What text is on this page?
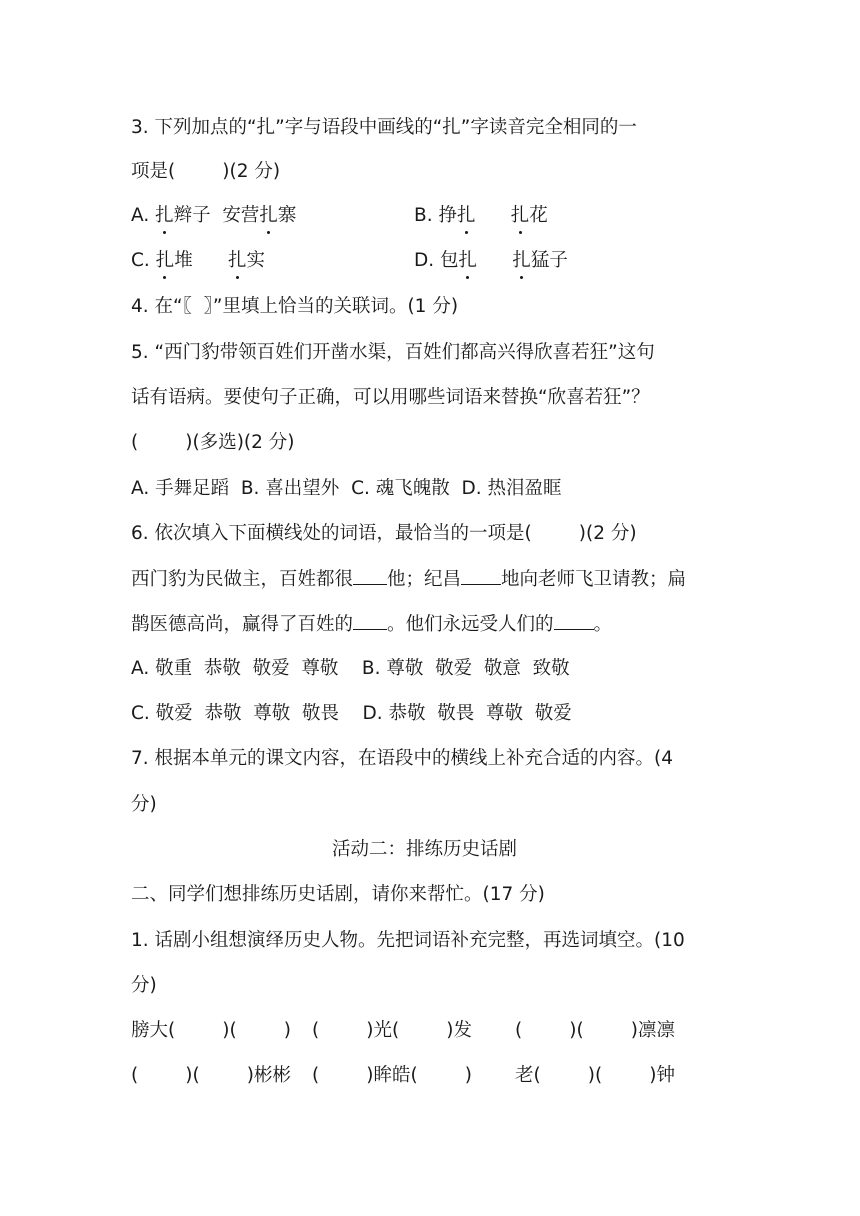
3. 下列加点的“扎”字与语段中画线的“扎”字读音完全相同的一
项是(        )(2 分)
A. 扎辫子  安营扎寨	B. 挣扎 扎花
C. 扎堆 扎实	D. 包扎 扎猛子
4. 在“〖  〗”里填上恰当的关联词。(1 分)
5. “西门豹带领百姓们开凿水渠，百姓们都高兴得欣喜若狂”这句
话有语病。要使句子正确，可以用哪些词语来替换“欣喜若狂”？
(        )(多选)(2 分)
A. 手舞足蹈  B. 喜出望外  C. 魂飞魄散  D. 热泪盈眶
6. 依次填入下面横线处的词语，最恰当的一项是(        )(2 分)
西门豹为民做主，百姓都很 他；纪昌 地向老师飞卫请教；扁
鹊医德高尚，赢得了百姓的 。他们永远受人们的 。
A. 敬重  恭敬  敬爱  尊敬    B. 尊敬  敬爱  敬意  致敬
C. 敬爱  恭敬  尊敬  敬畏    D. 恭敬  敬畏  尊敬  敬爱
7. 根据本单元的课文内容，在语段中的横线上补充合适的内容。(4
分)
活动二：排练历史话剧
二、同学们想排练历史话剧，请你来帮忙。(17 分)
1. 话剧小组想演绎历史人物。先把词语补充完整，再选词填空。(10
分)
膀大(        )(        ) (        )光(        )发 (        )(        )凛凛
(        )(        )彬彬 (        )眸皓(        ) 老(        )(        )钟
